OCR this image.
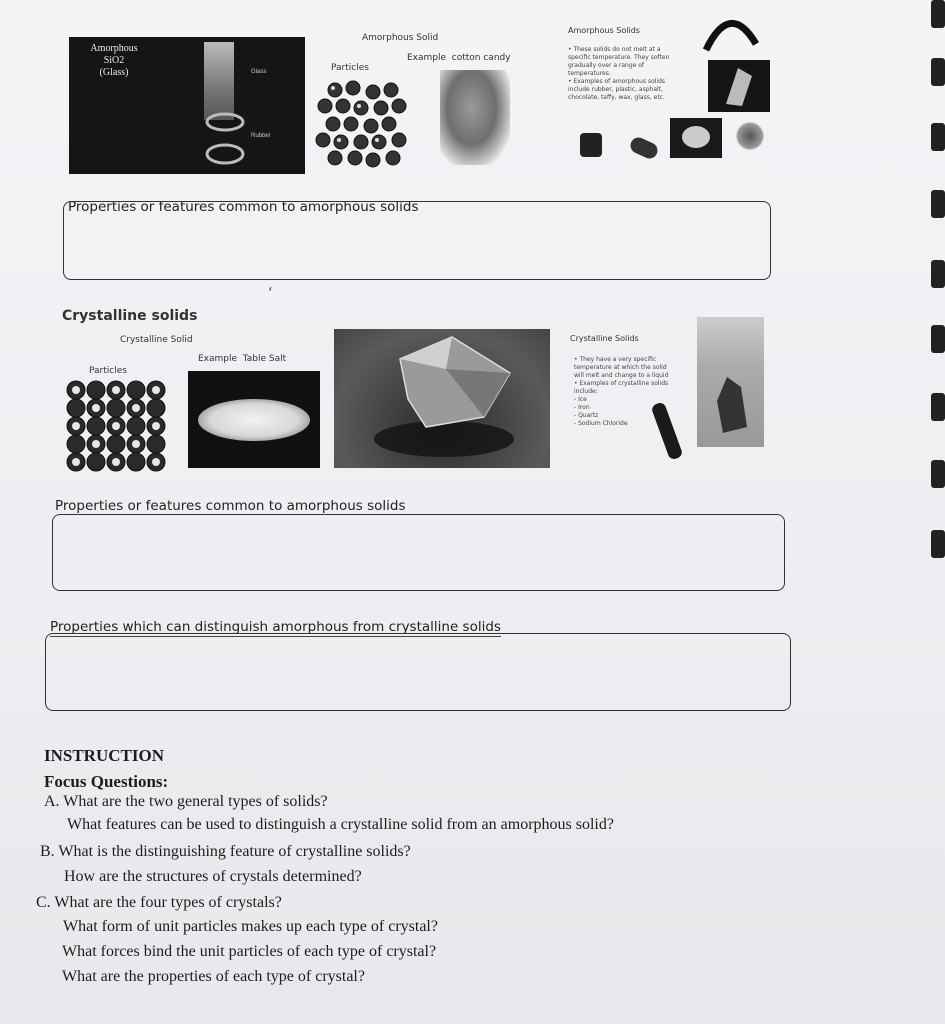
Amorphous SiO2
(Glass)	Glass
Rubber
Amorphous Solid
Particles
Example  cotton candy
Amorphous Solids
• These solids do not melt at a
specific temperature. They soften
gradually over a range of
temperatures.
• Examples of amorphous solids
include rubber, plastic, asphalt,
chocolate, taffy, wax, glass, etc.
Properties or features common to amorphous solids
ʻ
Crystalline solids
Crystalline Solid
Example  Table Salt
Particles
Crystalline Solids
• They have a very specific
temperature at which the solid
will melt and change to a liquid
• Examples of crystalline solids
include:
- Ice
- Iron
- Quartz
- Sodium Chloride
Properties or features common to amorphous solids
Properties which can distinguish amorphous from crystalline solids
INSTRUCTION
Focus Questions:
A. What are the two general types of solids?
What features can be used to distinguish a crystalline solid from an amorphous solid?
B. What is the distinguishing feature of crystalline solids?
How are the structures of crystals determined?
C. What are the four types of crystals?
What form of unit particles makes up each type of crystal?
What forces bind the unit particles of each type of crystal?
What are the properties of each type of crystal?
